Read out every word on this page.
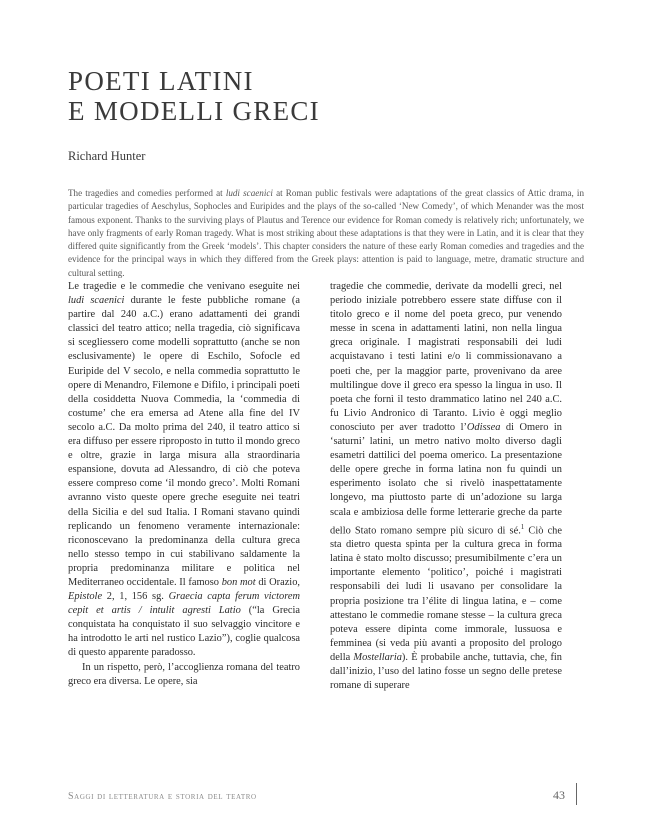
POETI LATINI
E MODELLI GRECI
Richard Hunter

The tragedies and comedies performed at ludi scaenici at Roman public festivals were adaptations of the great classics of Attic drama, in particular tragedies of Aeschylus, Sophocles and Euripides and the plays of the so-called ‘New Comedy’, of which Menander was the most famous exponent. Thanks to the surviving plays of Plautus and Terence our evidence for Roman comedy is relatively rich; unfortunately, we have only fragments of early Roman tragedy. What is most striking about these adaptations is that they were in Latin, and it is clear that they differed quite significantly from the Greek ‘models’. This chapter considers the nature of these early Roman comedies and tragedies and the evidence for the principal ways in which they differed from the Greek plays: attention is paid to language, metre, dramatic structure and cultural setting.

Le tragedie e le commedie che venivano eseguite nei ludi scaenici durante le feste pubbliche romane (a partire dal 240 a.C.) erano adattamenti dei grandi classici del teatro attico; nella tragedia, ciò significava si scegliessero come modelli soprattutto (anche se non esclusivamente) le opere di Eschilo, Sofocle ed Euripide del V secolo, e nella commedia soprattutto le opere di Menandro, Filemone e Difilo, i principali poeti della cosiddetta Nuova Commedia, la ‘commedia di costume’ che era emersa ad Atene alla fine del IV secolo a.C. Da molto prima del 240, il teatro attico si era diffuso per essere riproposto in tutto il mondo greco e oltre, grazie in larga misura alla straordinaria espansione, dovuta ad Alessandro, di ciò che poteva essere compreso come ‘il mondo greco’. Molti Romani avranno visto queste opere greche eseguite nei teatri della Sicilia e del sud Italia. I Romani stavano quindi replicando un fenomeno veramente internazionale: riconoscevano la predominanza della cultura greca nello stesso tempo in cui stabilivano saldamente la propria predominanza militare e politica nel Mediterraneo occidentale. Il famoso bon mot di Orazio, Epistole 2, 1, 156 sg. Graecia capta ferum victorem cepit et artis / intulit agresti Latio (“la Grecia conquistata ha conquistato il suo selvaggio vincitore e ha introdotto le arti nel rustico Lazio”), coglie qualcosa di questo apparente paradosso.

In un rispetto, però, l’accoglienza romana del teatro greco era diversa. Le opere, sia

tragedie che commedie, derivate da modelli greci, nel periodo iniziale potrebbero essere state diffuse con il titolo greco e il nome del poeta greco, pur venendo messe in scena in adattamenti latini, non nella lingua greca originale. I magistrati responsabili dei ludi acquistavano i testi latini e/o li commissionavano a poeti che, per la maggior parte, provenivano da aree multilingue dove il greco era spesso la lingua in uso. Il poeta che fornì il testo drammatico latino nel 240 a.C. fu Livio Andronico di Taranto. Livio è oggi meglio conosciuto per aver tradotto l’Odissea di Omero in ‘saturni’ latini, un metro nativo molto diverso dagli esametri dattilici del poema omerico. La presentazione delle opere greche in forma latina non fu quindi un esperimento isolato che si rivelò inaspettatamente longevo, ma piuttosto parte di un’adozione su larga scala e ambiziosa delle forme letterarie greche da parte dello Stato romano sempre più sicuro di sé.$^1$ Ciò che sta dietro questa spinta per la cultura greca in forma latina è stato molto discusso; presumibilmente c’era un importante elemento ‘politico’, poiché i magistrati responsabili dei ludi li usavano per consolidare la propria posizione tra l’élite di lingua latina, e – come attestano le commedie romane stesse – la cultura greca poteva essere dipinta come immorale, lussuosa e femminea (si veda più avanti a proposito del prologo della Mostellaria). È probabile anche, tuttavia, che, fin dall’inizio, l’uso del latino fosse un segno delle pretese romane di superare

Saggi di letteratura e storia del teatro	43
